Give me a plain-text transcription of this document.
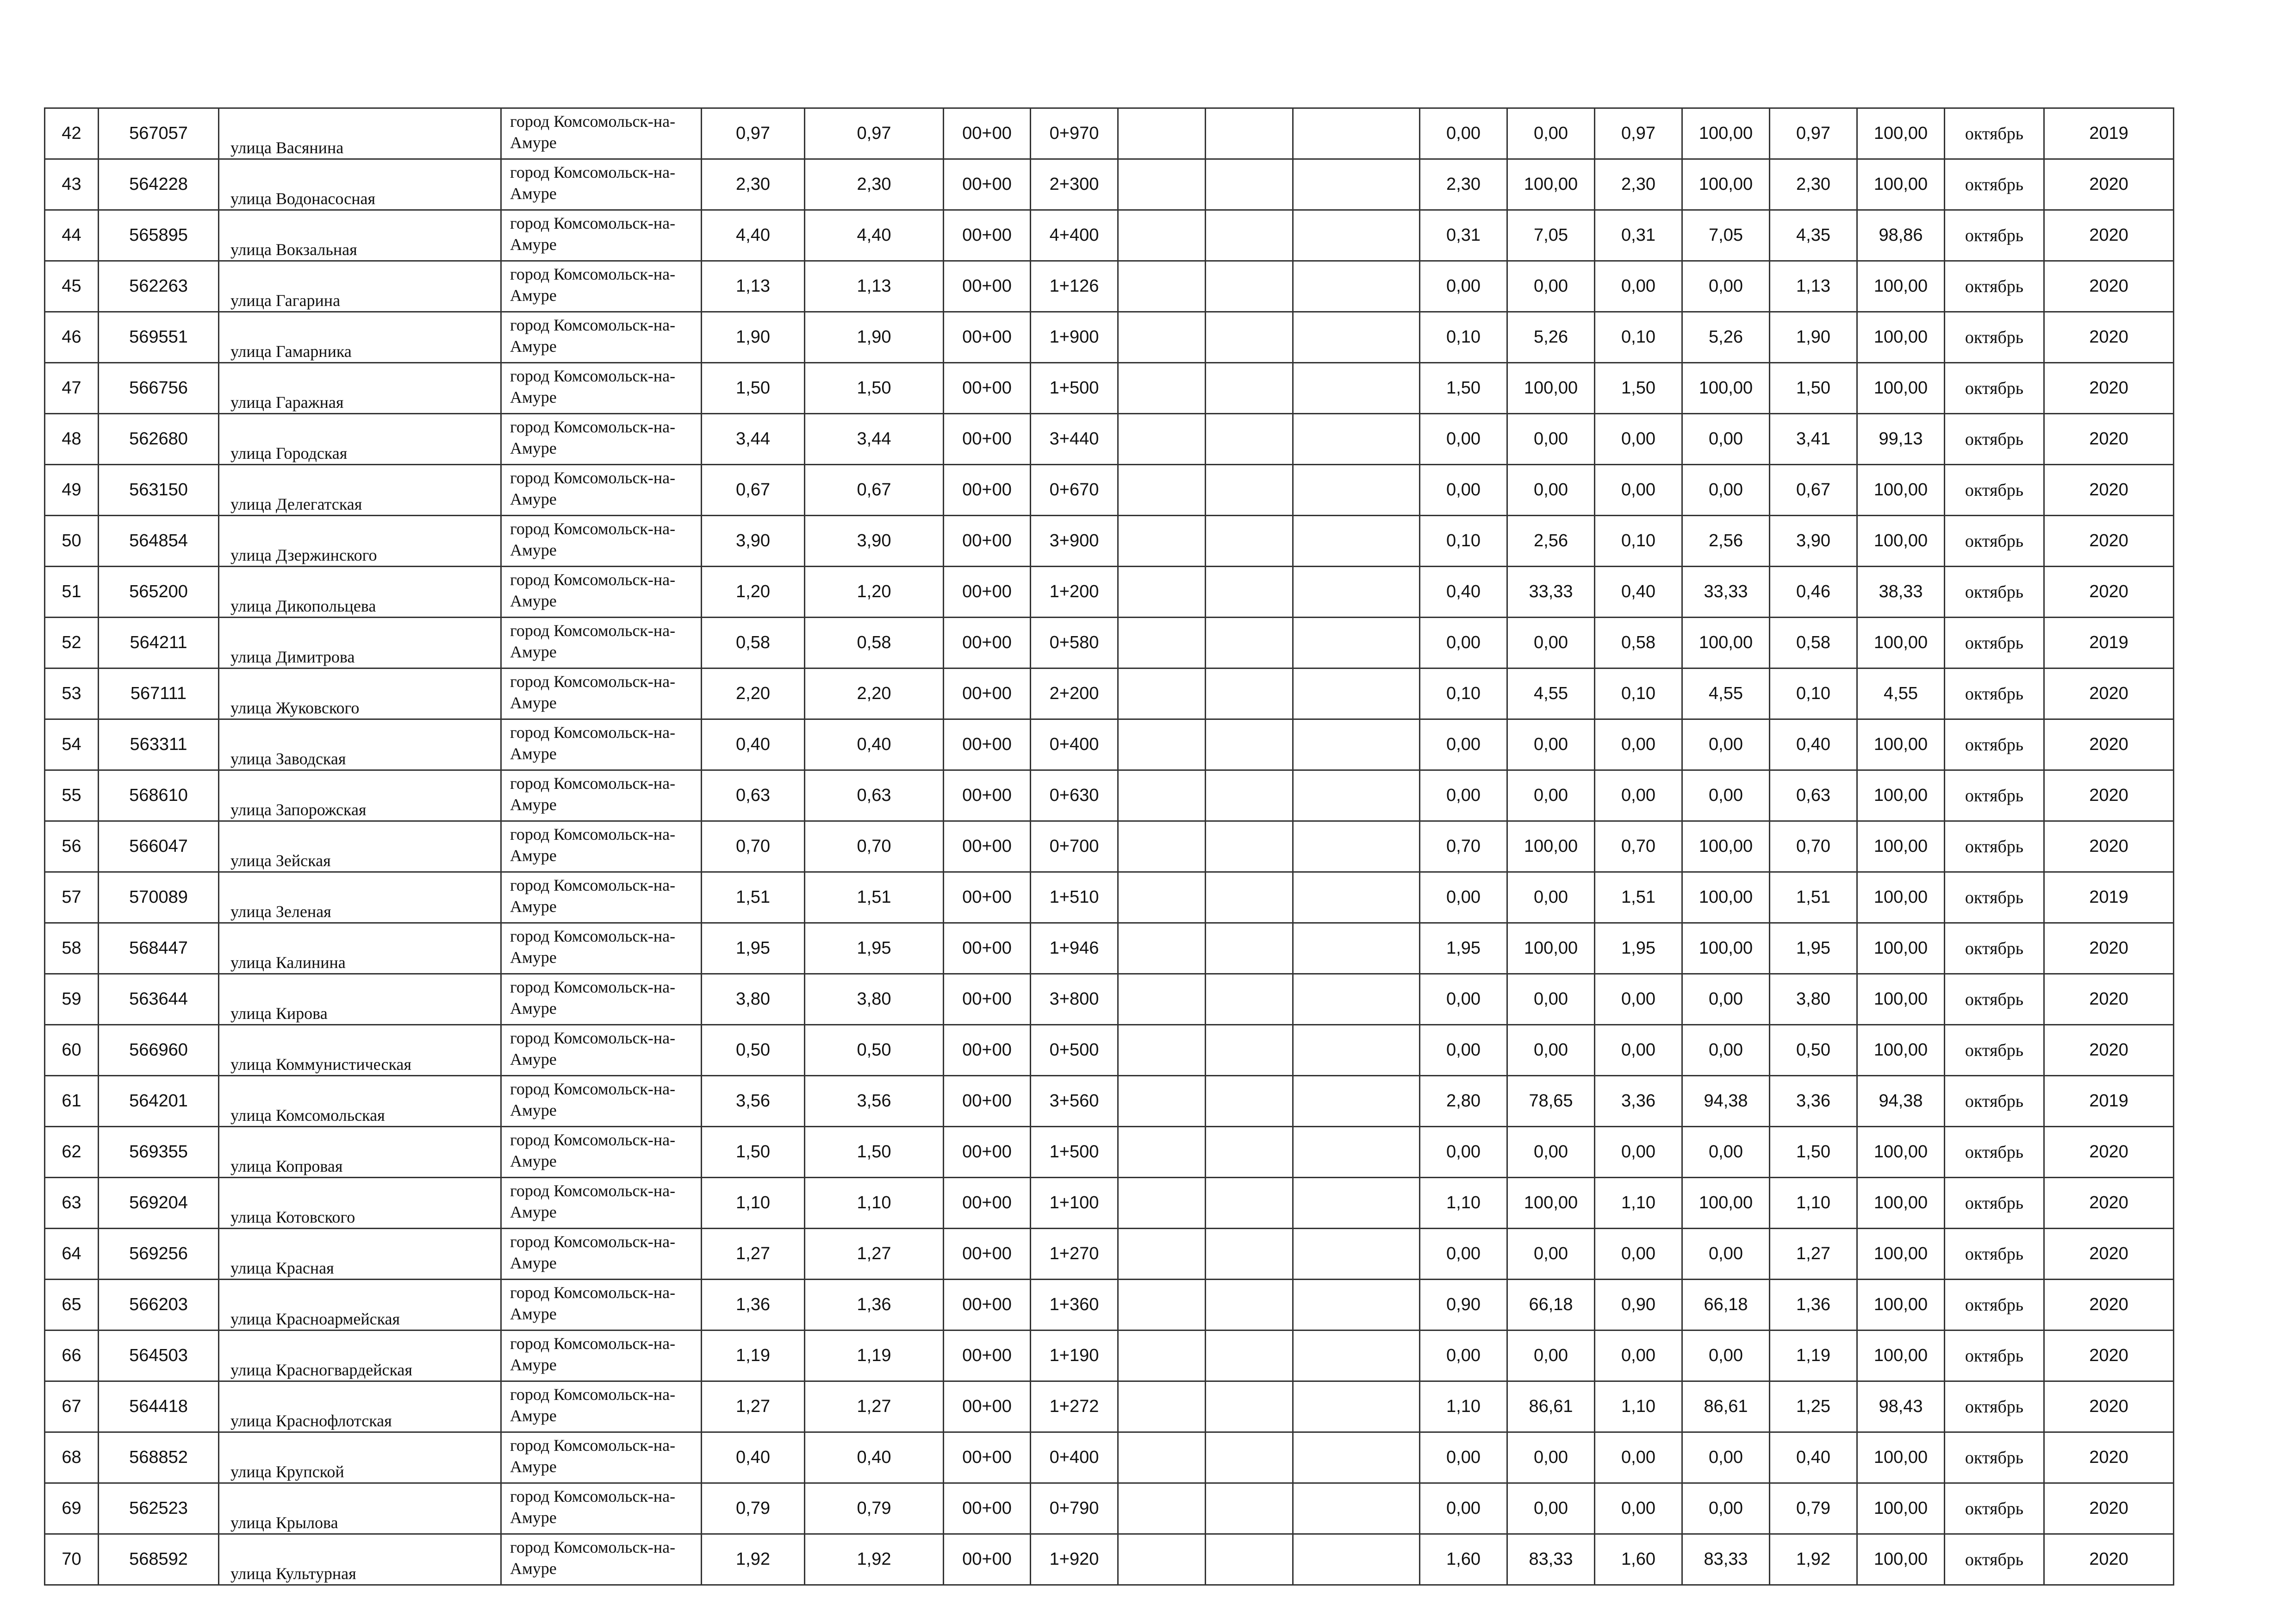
42	567057	улица Васянина	город Комсомольск-на-Амуре	0,97	0,97	00+00	0+970				0,00	0,00	0,97	100,00	0,97	100,00	октябрь	2019
43	564228	улица Водонасосная	город Комсомольск-на-Амуре	2,30	2,30	00+00	2+300				2,30	100,00	2,30	100,00	2,30	100,00	октябрь	2020
44	565895	улица Вокзальная	город Комсомольск-на-Амуре	4,40	4,40	00+00	4+400				0,31	7,05	0,31	7,05	4,35	98,86	октябрь	2020
45	562263	улица Гагарина	город Комсомольск-на-Амуре	1,13	1,13	00+00	1+126				0,00	0,00	0,00	0,00	1,13	100,00	октябрь	2020
46	569551	улица Гамарника	город Комсомольск-на-Амуре	1,90	1,90	00+00	1+900				0,10	5,26	0,10	5,26	1,90	100,00	октябрь	2020
47	566756	улица Гаражная	город Комсомольск-на-Амуре	1,50	1,50	00+00	1+500				1,50	100,00	1,50	100,00	1,50	100,00	октябрь	2020
48	562680	улица Городская	город Комсомольск-на-Амуре	3,44	3,44	00+00	3+440				0,00	0,00	0,00	0,00	3,41	99,13	октябрь	2020
49	563150	улица Делегатская	город Комсомольск-на-Амуре	0,67	0,67	00+00	0+670				0,00	0,00	0,00	0,00	0,67	100,00	октябрь	2020
50	564854	улица Дзержинского	город Комсомольск-на-Амуре	3,90	3,90	00+00	3+900				0,10	2,56	0,10	2,56	3,90	100,00	октябрь	2020
51	565200	улица Дикопольцева	город Комсомольск-на-Амуре	1,20	1,20	00+00	1+200				0,40	33,33	0,40	33,33	0,46	38,33	октябрь	2020
52	564211	улица Димитрова	город Комсомольск-на-Амуре	0,58	0,58	00+00	0+580				0,00	0,00	0,58	100,00	0,58	100,00	октябрь	2019
53	567111	улица Жуковского	город Комсомольск-на-Амуре	2,20	2,20	00+00	2+200				0,10	4,55	0,10	4,55	0,10	4,55	октябрь	2020
54	563311	улица Заводская	город Комсомольск-на-Амуре	0,40	0,40	00+00	0+400				0,00	0,00	0,00	0,00	0,40	100,00	октябрь	2020
55	568610	улица Запорожская	город Комсомольск-на-Амуре	0,63	0,63	00+00	0+630				0,00	0,00	0,00	0,00	0,63	100,00	октябрь	2020
56	566047	улица Зейская	город Комсомольск-на-Амуре	0,70	0,70	00+00	0+700				0,70	100,00	0,70	100,00	0,70	100,00	октябрь	2020
57	570089	улица Зеленая	город Комсомольск-на-Амуре	1,51	1,51	00+00	1+510				0,00	0,00	1,51	100,00	1,51	100,00	октябрь	2019
58	568447	улица Калинина	город Комсомольск-на-Амуре	1,95	1,95	00+00	1+946				1,95	100,00	1,95	100,00	1,95	100,00	октябрь	2020
59	563644	улица Кирова	город Комсомольск-на-Амуре	3,80	3,80	00+00	3+800				0,00	0,00	0,00	0,00	3,80	100,00	октябрь	2020
60	566960	улица Коммунистическая	город Комсомольск-на-Амуре	0,50	0,50	00+00	0+500				0,00	0,00	0,00	0,00	0,50	100,00	октябрь	2020
61	564201	улица Комсомольская	город Комсомольск-на-Амуре	3,56	3,56	00+00	3+560				2,80	78,65	3,36	94,38	3,36	94,38	октябрь	2019
62	569355	улица Копровая	город Комсомольск-на-Амуре	1,50	1,50	00+00	1+500				0,00	0,00	0,00	0,00	1,50	100,00	октябрь	2020
63	569204	улица Котовского	город Комсомольск-на-Амуре	1,10	1,10	00+00	1+100				1,10	100,00	1,10	100,00	1,10	100,00	октябрь	2020
64	569256	улица Красная	город Комсомольск-на-Амуре	1,27	1,27	00+00	1+270				0,00	0,00	0,00	0,00	1,27	100,00	октябрь	2020
65	566203	улица Красноармейская	город Комсомольск-на-Амуре	1,36	1,36	00+00	1+360				0,90	66,18	0,90	66,18	1,36	100,00	октябрь	2020
66	564503	улица Красногвардейская	город Комсомольск-на-Амуре	1,19	1,19	00+00	1+190				0,00	0,00	0,00	0,00	1,19	100,00	октябрь	2020
67	564418	улица Краснофлотская	город Комсомольск-на-Амуре	1,27	1,27	00+00	1+272				1,10	86,61	1,10	86,61	1,25	98,43	октябрь	2020
68	568852	улица Крупской	город Комсомольск-на-Амуре	0,40	0,40	00+00	0+400				0,00	0,00	0,00	0,00	0,40	100,00	октябрь	2020
69	562523	улица Крылова	город Комсомольск-на-Амуре	0,79	0,79	00+00	0+790				0,00	0,00	0,00	0,00	0,79	100,00	октябрь	2020
70	568592	улица Культурная	город Комсомольск-на-Амуре	1,92	1,92	00+00	1+920				1,60	83,33	1,60	83,33	1,92	100,00	октябрь	2020
